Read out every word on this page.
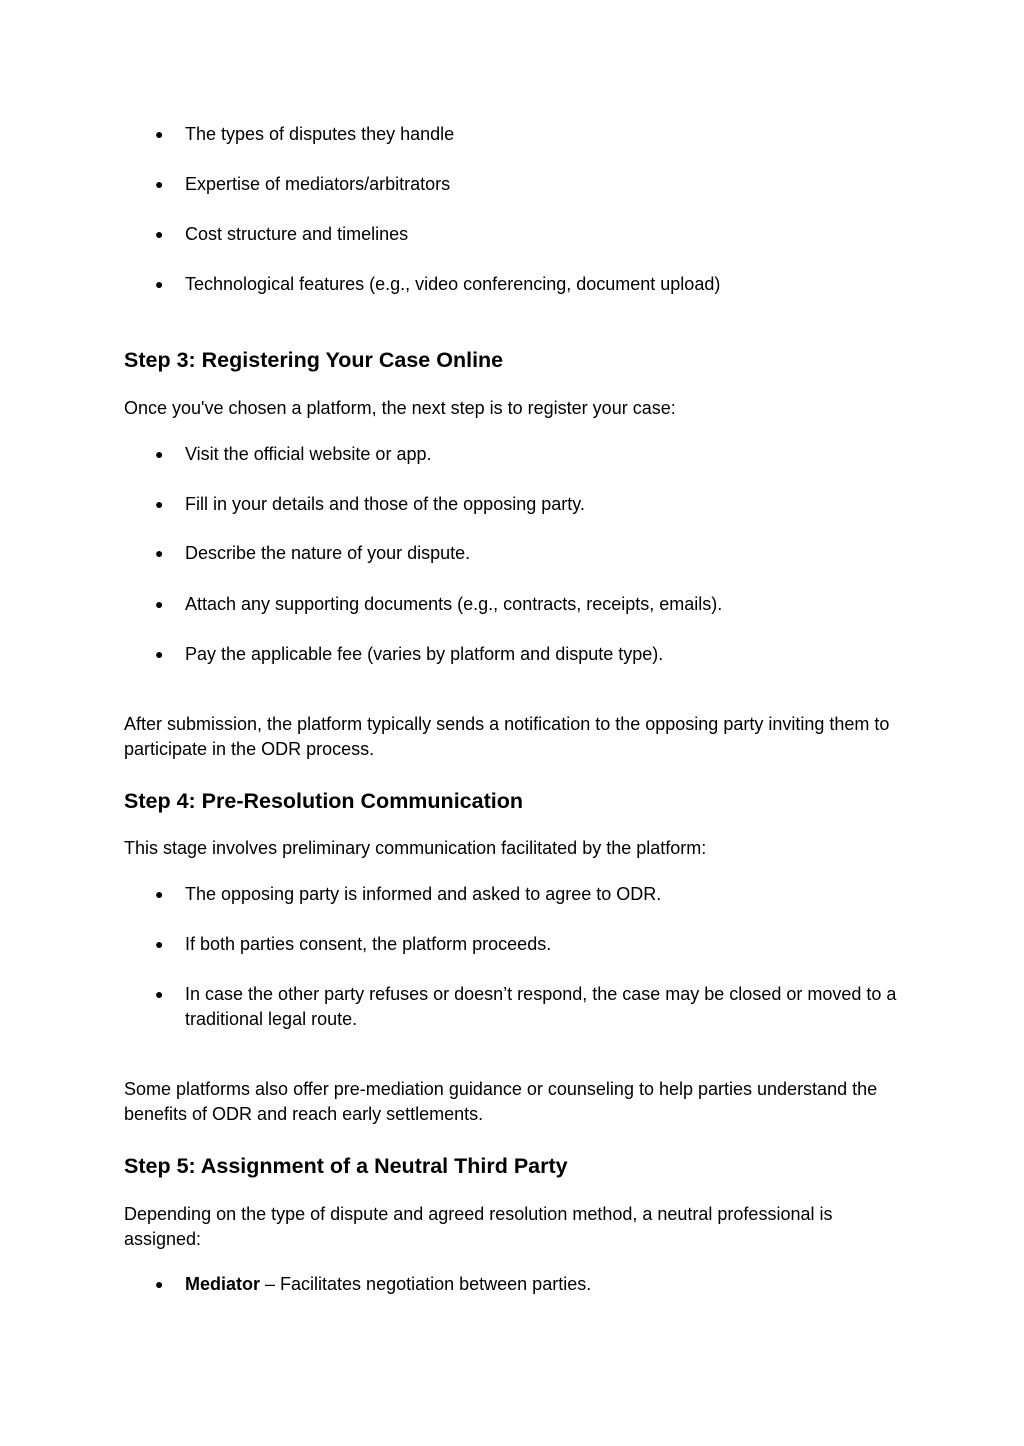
● The types of disputes they handle
● Expertise of mediators/arbitrators
● Cost structure and timelines
● Technological features (e.g., video conferencing, document upload)
Step 3: Registering Your Case Online
Once you've chosen a platform, the next step is to register your case:
● Visit the official website or app.
● Fill in your details and those of the opposing party.
● Describe the nature of your dispute.
● Attach any supporting documents (e.g., contracts, receipts, emails).
● Pay the applicable fee (varies by platform and dispute type).
After submission, the platform typically sends a notification to the opposing party inviting them to participate in the ODR process.
Step 4: Pre-Resolution Communication
This stage involves preliminary communication facilitated by the platform:
● The opposing party is informed and asked to agree to ODR.
● If both parties consent, the platform proceeds.
● In case the other party refuses or doesn’t respond, the case may be closed or moved to a traditional legal route.
Some platforms also offer pre-mediation guidance or counseling to help parties understand the benefits of ODR and reach early settlements.
Step 5: Assignment of a Neutral Third Party
Depending on the type of dispute and agreed resolution method, a neutral professional is assigned:
● Mediator – Facilitates negotiation between parties.
